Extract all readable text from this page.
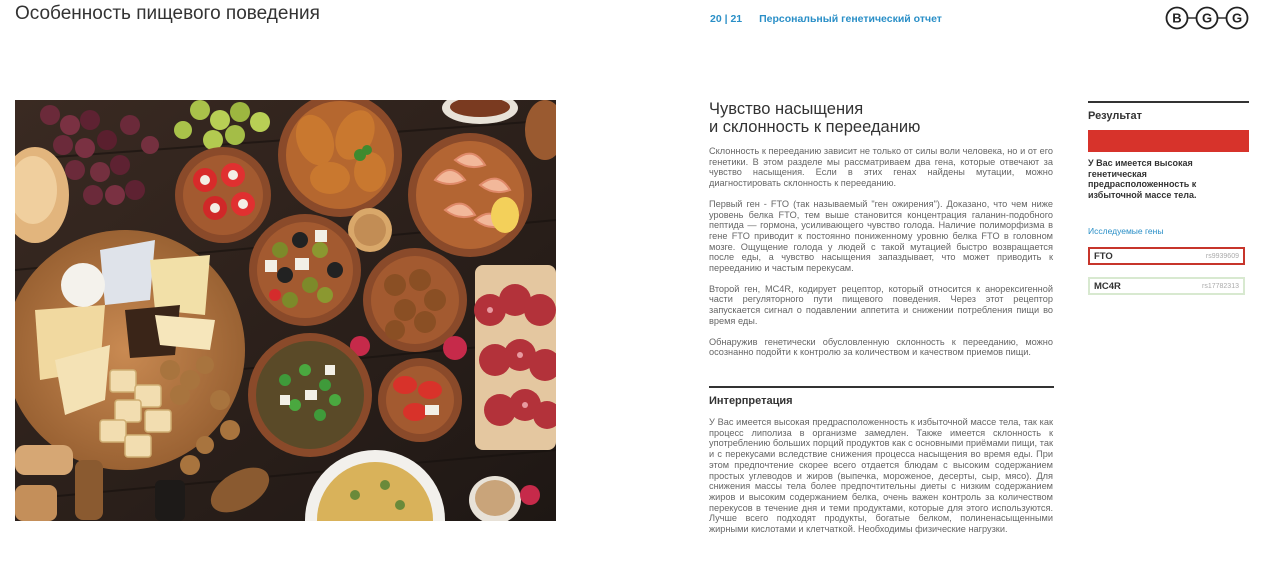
Особенность пищевого поведения	20 | 21 Персональный генетический отчет	B G G
Чувство насыщения
и склонность к перееданию

Склонность к перееданию зависит не только от силы воли человека, но и от его генетики. В этом разделе мы рассматриваем два гена, которые отвечают за чувство насыщения. Если в этих генах найдены мутации, можно диагностировать склонность к перееданию.

Первый ген - FTO (так называемый "ген ожирения"). Доказано, что чем ниже уровень белка FTO, тем выше становится концентрация галанин-подобного пептида — гормона, усиливающего чувство голода. Наличие полиморфизма в гене FTO приводит к постоянно пониженному уровню белка FTO в головном мозге. Ощущение голода у людей с такой мутацией быстро возвращается после еды, а чувство насыщения запаздывает, что может приводить к перееданию и частым перекусам.

Второй ген, MC4R, кодирует рецептор, который относится к анорексигенной части регуляторного пути пищевого поведения. Через этот рецептор запускается сигнал о подавлении аппетита и снижении потребления пищи во время еды.

Обнаружив генетически обусловленную склонность к перееданию, можно осознанно подойти к контролю за количеством и качеством приемов пищи.

Интерпретация

У Вас имеется высокая предрасположенность к избыточной массе тела, так как процесс липолиза в организме замедлен. Также имеется склонность к употреблению больших порций продуктов как с основными приёмами пищи, так и с перекусами вследствие снижения процесса насыщения во время еды. При этом предпочтение скорее всего отдается блюдам с высоким содержанием простых углеводов и жиров (выпечка, мороженое, десерты, сыр, мясо). Для снижения массы тела более предпочтительны диеты с низким содержанием жиров и высоким содержанием белка, очень важен контроль за количеством перекусов в течение дня и теми продуктами, которые для этого используются. Лучше всего подходят продукты, богатые белком, полиненасыщенными жирными кислотами и клетчаткой. Необходимы физические нагрузки.

Результат
У Вас имеется высокая генетическая предрасположенность к избыточной массе тела.
Исследуемые гены
FTO	rs9939609
MC4R	rs17782313
